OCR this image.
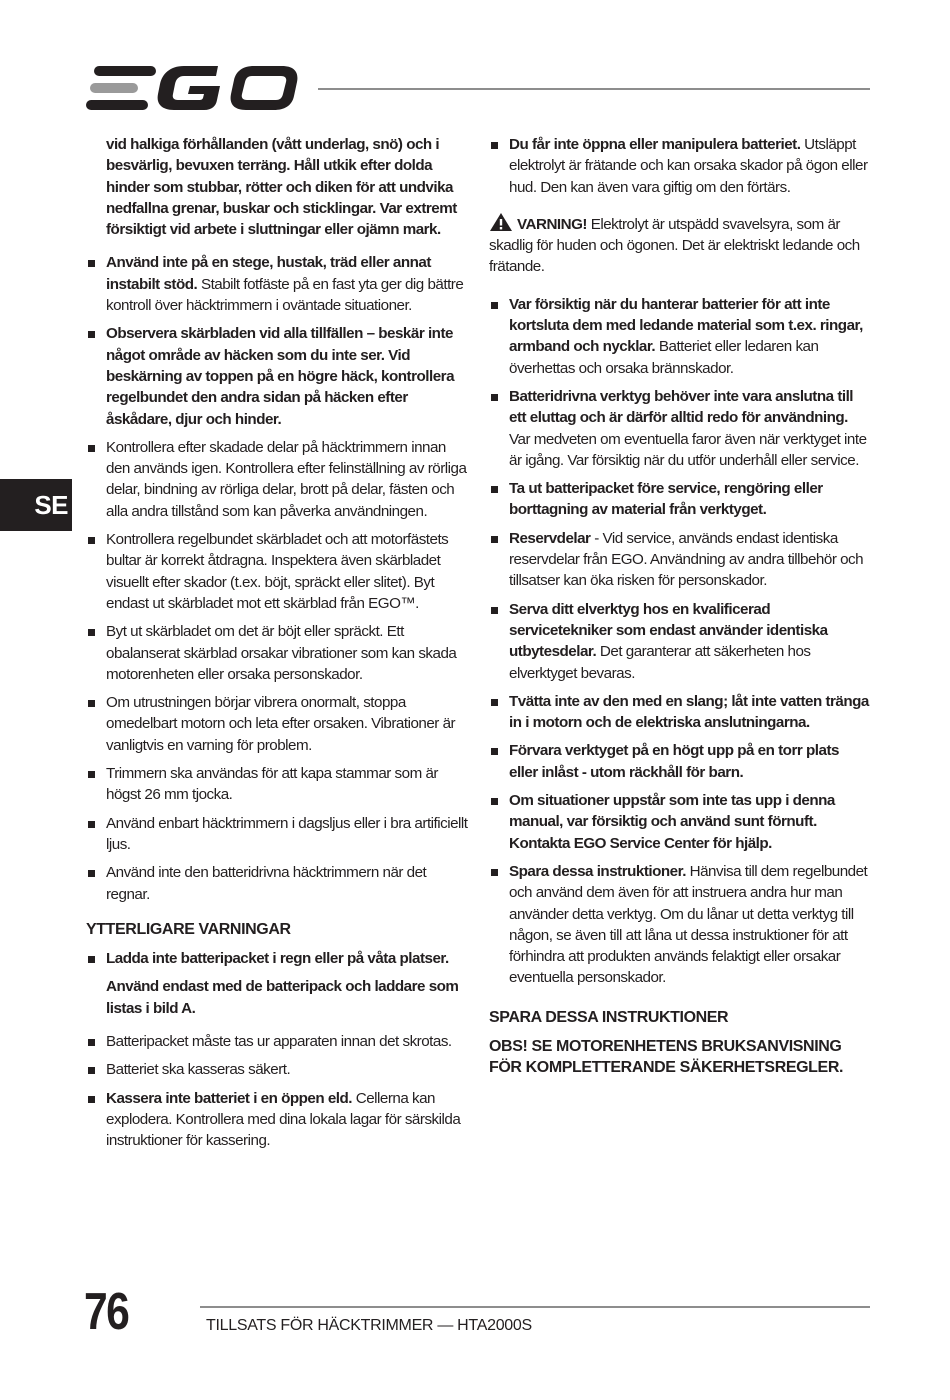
SE

vid halkiga förhållanden (vått underlag, snö) och i besvärlig, bevuxen terräng. Håll utkik efter dolda hinder som stubbar, rötter och diken för att undvika nedfallna grenar, buskar och sticklingar. Var extremt försiktigt vid arbete i sluttningar eller ojämn mark.

Använd inte på en stege, hustak, träd eller annat instabilt stöd. Stabilt fotfäste på en fast yta ger dig bättre kontroll över häcktrimmern i oväntade situationer.
Observera skärbladen vid alla tillfällen – beskär inte något område av häcken som du inte ser. Vid beskärning av toppen på en högre häck, kontrollera regelbundet den andra sidan på häcken efter åskådare, djur och hinder.
Kontrollera efter skadade delar på häcktrimmern innan den används igen. Kontrollera efter felinställning av rörliga delar, bindning av rörliga delar, brott på delar, fästen och alla andra tillstånd som kan påverka användningen.
Kontrollera regelbundet skärbladet och att motorfästets bultar är korrekt åtdragna. Inspektera även skärbladet visuellt efter skador (t.ex. böjt, spräckt eller slitet). Byt endast ut skärbladet mot ett skärblad från EGO™.
Byt ut skärbladet om det är böjt eller spräckt. Ett obalanserat skärblad orsakar vibrationer som kan skada motorenheten eller orsaka personskador.
Om utrustningen börjar vibrera onormalt, stoppa omedelbart motorn och leta efter orsaken. Vibrationer är vanligtvis en varning för problem.
Trimmern ska användas för att kapa stammar som är högst 26 mm tjocka.
Använd enbart häcktrimmern i dagsljus eller i bra artificiellt ljus.
Använd inte den batteridrivna häcktrimmern när det regnar.
YTTERLIGARE VARNINGAR
Ladda inte batteripacket i regn eller på våta platser.

Använd endast med de batteripack och laddare som listas i bild A.

Batteripacket måste tas ur apparaten innan det skrotas.
Batteriet ska kasseras säkert.
Kassera inte batteriet i en öppen eld. Cellerna kan explodera. Kontrollera med dina lokala lagar för särskilda instruktioner för kassering.
Du får inte öppna eller manipulera batteriet. Utsläppt elektrolyt är frätande och kan orsaka skador på ögon eller hud. Den kan även vara giftig om den förtärs.

VARNING! Elektrolyt är utspädd svavelsyra, som är skadlig för huden och ögonen. Det är elektriskt ledande och frätande.

Var försiktig när du hanterar batterier för att inte kortsluta dem med ledande material som t.ex. ringar, armband och nycklar. Batteriet eller ledaren kan överhettas och orsaka brännskador.
Batteridrivna verktyg behöver inte vara anslutna till ett eluttag och är därför alltid redo för användning. Var medveten om eventuella faror även när verktyget inte är igång. Var försiktig när du utför underhåll eller service.
Ta ut batteripacket före service, rengöring eller borttagning av material från verktyget.
Reservdelar - Vid service, används endast identiska reservdelar från EGO. Användning av andra tillbehör och tillsatser kan öka risken för personskador.
Serva ditt elverktyg hos en kvalificerad servicetekniker som endast använder identiska utbytesdelar. Det garanterar att säkerheten hos elverktyget bevaras.
Tvätta inte av den med en slang; låt inte vatten tränga in i motorn och de elektriska anslutningarna.
Förvara verktyget på en högt upp på en torr plats eller inlåst - utom räckhåll för barn.
Om situationer uppstår som inte tas upp i denna manual, var försiktig och använd sunt förnuft. Kontakta EGO Service Center för hjälp.
Spara dessa instruktioner. Hänvisa till dem regelbundet och använd dem även för att instruera andra hur man använder detta verktyg. Om du lånar ut detta verktyg till någon, se även till att låna ut dessa instruktioner för att förhindra att produkten används felaktigt eller orsakar eventuella personskador.
SPARA DESSA INSTRUKTIONER
OBS! SE MOTORENHETENS BRUKSANVISNING FÖR KOMPLETTERANDE SÄKERHETSREGLER.
76	TILLSATS FÖR HÄCKTRIMMER — HTA2000S
